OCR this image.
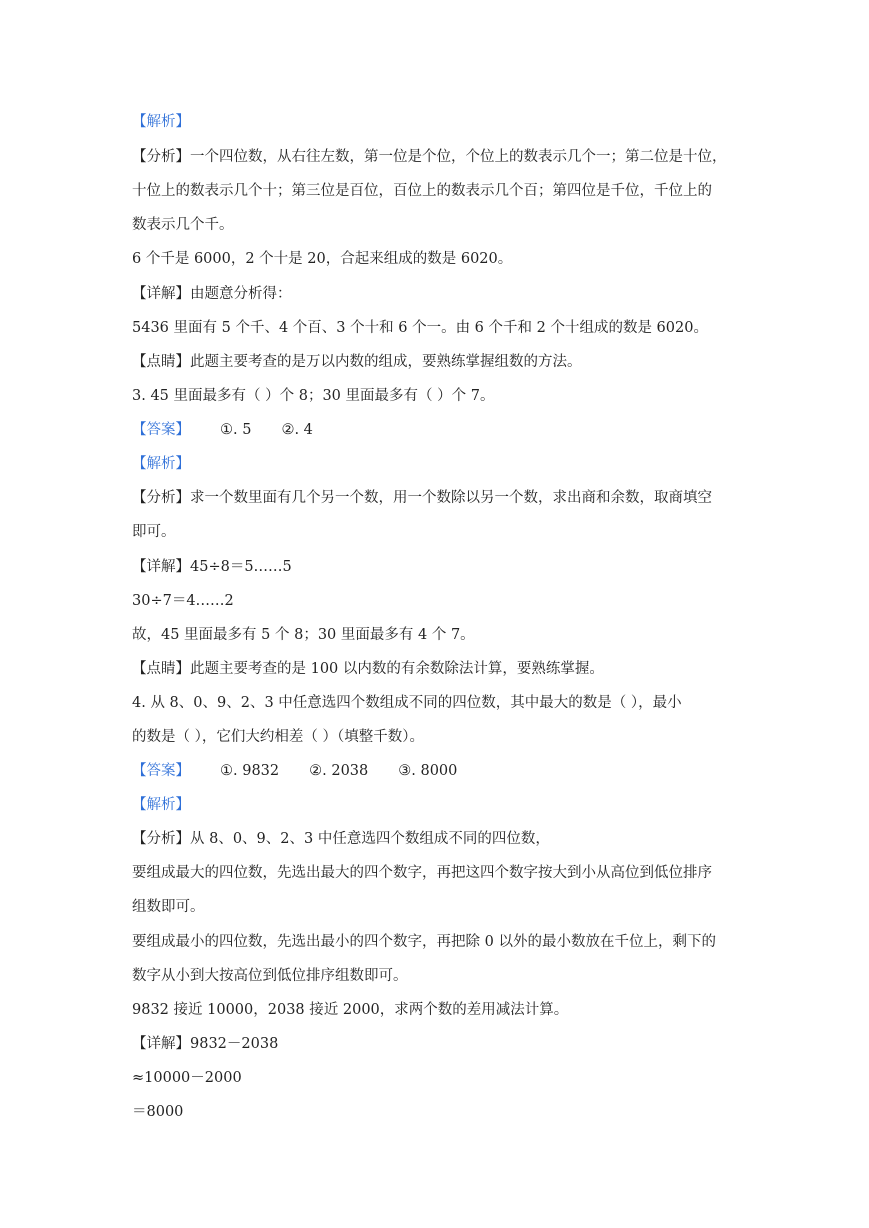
【解析】
【分析】一个四位数，从右往左数，第一位是个位，个位上的数表示几个一；第二位是十位，
十位上的数表示几个十；第三位是百位，百位上的数表示几个百；第四位是千位，千位上的
数表示几个千。
6 个千是 6000，2 个十是 20，合起来组成的数是 6020。
【详解】由题意分析得：
5436 里面有 5 个千、4 个百、3 个十和 6 个一。由 6 个千和 2 个十组成的数是 6020。
【点睛】此题主要考查的是万以内数的组成，要熟练掌握组数的方法。
3. 45 里面最多有（ ）个 8；30 里面最多有（ ）个 7。
【答案】 ①. 5 ②. 4
【解析】
【分析】求一个数里面有几个另一个数，用一个数除以另一个数，求出商和余数，取商填空
即可。
【详解】45÷8＝5……5
30÷7＝4……2
故，45 里面最多有 5 个 8；30 里面最多有 4 个 7。
【点睛】此题主要考查的是 100 以内数的有余数除法计算，要熟练掌握。
4. 从 8、0、9、2、3 中任意选四个数组成不同的四位数，其中最大的数是（ ），最小
的数是（ ），它们大约相差（ ）（填整千数）。
【答案】 ①. 9832 ②. 2038 ③. 8000
【解析】
【分析】从 8、0、9、2、3 中任意选四个数组成不同的四位数，
要组成最大的四位数，先选出最大的四个数字，再把这四个数字按大到小从高位到低位排序
组数即可。
要组成最小的四位数，先选出最小的四个数字，再把除 0 以外的最小数放在千位上，剩下的
数字从小到大按高位到低位排序组数即可。
9832 接近 10000，2038 接近 2000，求两个数的差用减法计算。
【详解】9832－2038
≈10000－2000
＝8000
